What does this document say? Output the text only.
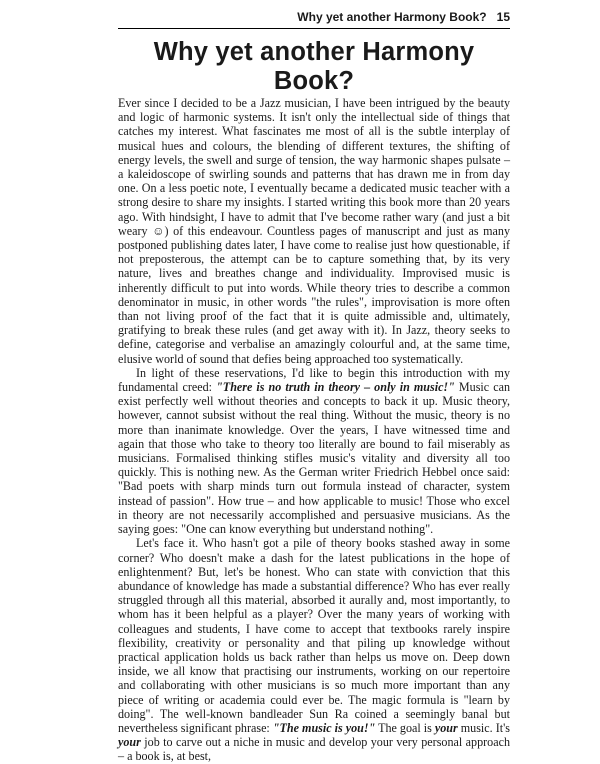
Why yet another Harmony Book? 15
Why yet another Harmony Book?

Ever since I decided to be a Jazz musician, I have been intrigued by the beauty and logic of harmonic systems. It isn't only the intellectual side of things that catches my interest. What fascinates me most of all is the subtle interplay of musical hues and colours, the blending of different textures, the shifting of energy levels, the swell and surge of tension, the way harmonic shapes pulsate – a kaleidoscope of swirling sounds and patterns that has drawn me in from day one. On a less poetic note, I eventually became a dedicated music teacher with a strong desire to share my insights. I started writing this book more than 20 years ago. With hindsight, I have to admit that I've become rather wary (and just a bit weary ☺) of this endeavour. Countless pages of manuscript and just as many postponed publishing dates later, I have come to realise just how questionable, if not preposterous, the attempt can be to capture something that, by its very nature, lives and breathes change and individuality. Improvised music is inherently difficult to put into words. While theory tries to describe a common denominator in music, in other words "the rules", improvisation is more often than not living proof of the fact that it is quite admissible and, ultimately, gratifying to break these rules (and get away with it). In Jazz, theory seeks to define, categorise and verbalise an amazingly colourful and, at the same time, elusive world of sound that defies being approached too systematically.

In light of these reservations, I'd like to begin this introduction with my fundamental creed: "There is no truth in theory – only in music!" Music can exist perfectly well without theories and concepts to back it up. Music theory, however, cannot subsist without the real thing. Without the music, theory is no more than inanimate knowledge. Over the years, I have witnessed time and again that those who take to theory too literally are bound to fail miserably as musicians. Formalised thinking stifles music's vitality and diversity all too quickly. This is nothing new. As the German writer Friedrich Hebbel once said: "Bad poets with sharp minds turn out formula instead of character, system instead of passion". How true – and how applicable to music! Those who excel in theory are not necessarily accomplished and persuasive musicians. As the saying goes: "One can know everything but understand nothing".

Let's face it. Who hasn't got a pile of theory books stashed away in some corner? Who doesn't make a dash for the latest publications in the hope of enlightenment? But, let's be honest. Who can state with conviction that this abundance of knowledge has made a substantial difference? Who has ever really struggled through all this material, absorbed it aurally and, most importantly, to whom has it been helpful as a player? Over the many years of working with colleagues and students, I have come to accept that textbooks rarely inspire flexibility, creativity or personality and that piling up knowledge without practical application holds us back rather than helps us move on. Deep down inside, we all know that practising our instruments, working on our repertoire and collaborating with other musicians is so much more important than any piece of writing or academia could ever be. The magic formula is "learn by doing". The well-known bandleader Sun Ra coined a seemingly banal but nevertheless significant phrase: "The music is you!" The goal is your music. It's your job to carve out a niche in music and develop your very personal approach – a book is, at best,
